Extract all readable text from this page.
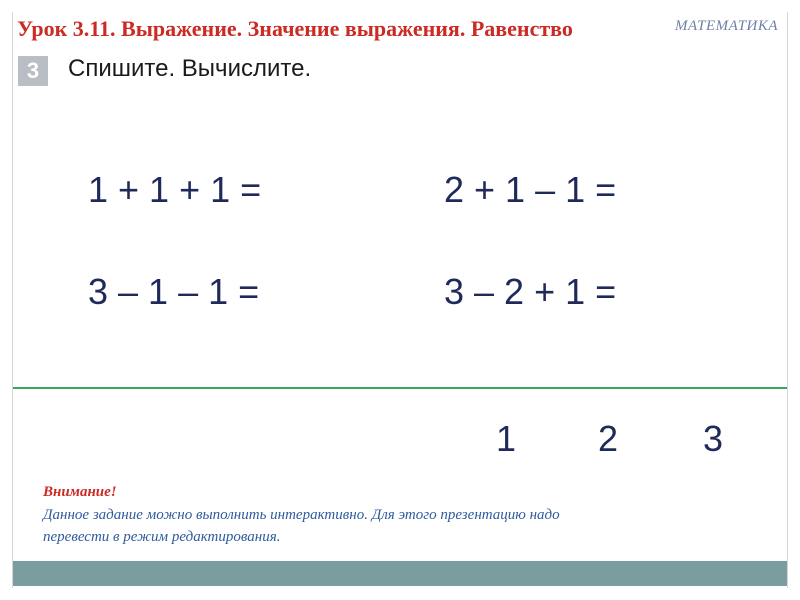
Урок 3.11. Выражение. Значение выражения. Равенство	МАТЕМАТИКА
3	Спишите. Вычислите.
1 + 1 + 1 =	2 + 1 – 1 =
3 – 1 – 1 =	3 – 2 + 1 =
1 2 3
Внимание!
Данное задание можно выполнить интерактивно. Для этого презентацию надо
перевести в режим редактирования.
